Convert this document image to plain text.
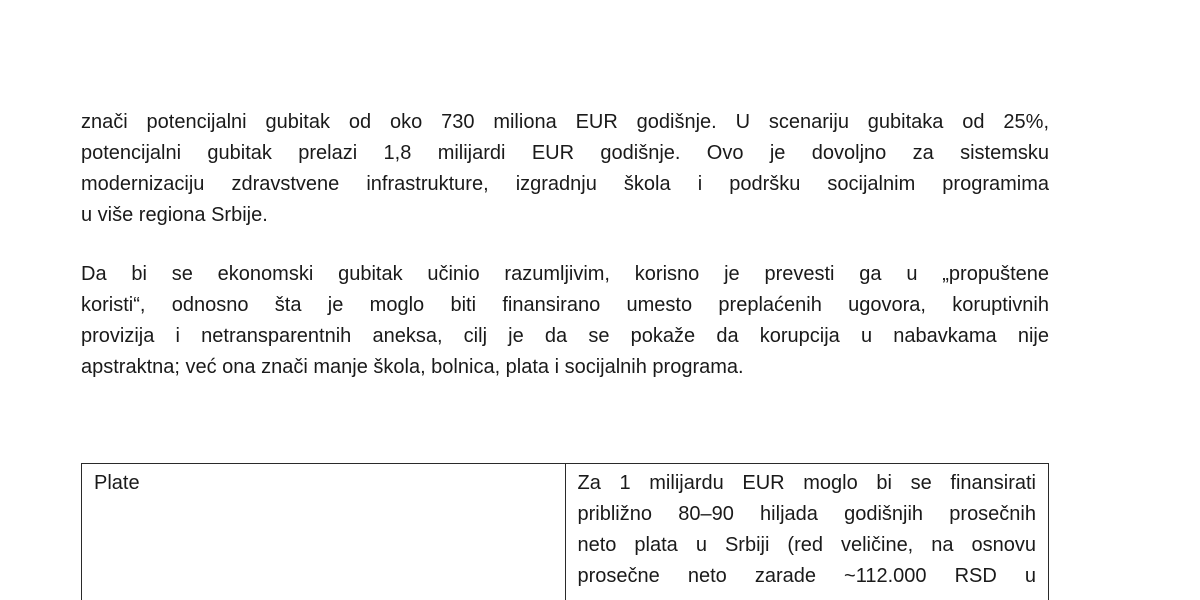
znači potencijalni gubitak od oko 730 miliona EUR godišnje. U scenariju gubitaka od 25%,
potencijalni gubitak prelazi 1,8 milijardi EUR godišnje. Ovo je dovoljno za sistemsku
modernizaciju zdravstvene infrastrukture, izgradnju škola i podršku socijalnim programima
u više regiona Srbije.

Da bi se ekonomski gubitak učinio razumljivim, korisno je prevesti ga u „propuštene
koristi“, odnosno šta je moglo biti finansirano umesto preplaćenih ugovora, koruptivnih
provizija i netransparentnih aneksa, cilj je da se pokaže da korupcija u nabavkama nije
apstraktna; već ona znači manje škola, bolnica, plata i socijalnih programa.

Plate	Za 1 milijardu EUR moglo bi se finansirati
približno 80–90 hiljada godišnjih prosečnih
neto plata u Srbiji (red veličine, na osnovu
prosečne neto zarade ~112.000 RSD u
